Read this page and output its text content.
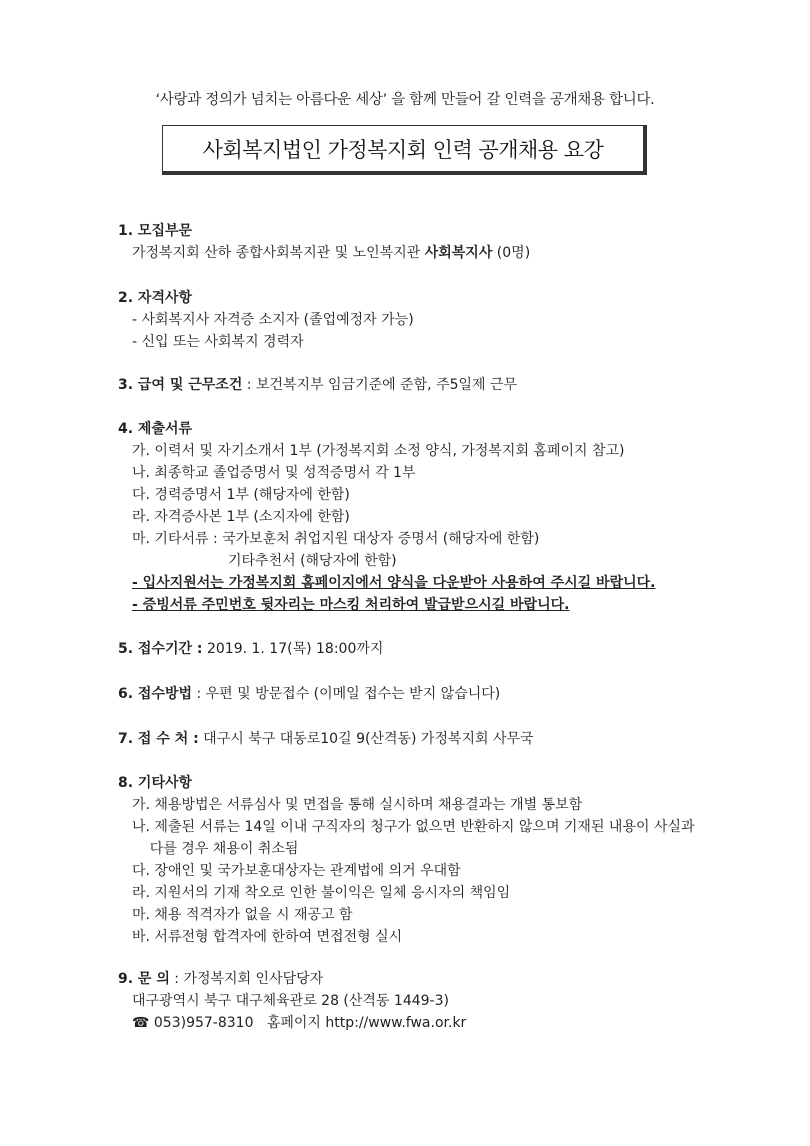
‘사랑과 정의가 넘치는 아름다운 세상’ 을 함께 만들어 갈 인력을 공개채용 합니다.
사회복지법인 가정복지회 인력 공개채용 요강
1. 모집부문
가정복지회 산하 종합사회복지관 및 노인복지관 사회복지사 (0명)
2. 자격사항
- 사회복지사 자격증 소지자 (졸업예정자 가능)
- 신입 또는 사회복지 경력자
3. 급여 및 근무조건 : 보건복지부 임금기준에 준함, 주5일제 근무
4. 제출서류
가. 이력서 및 자기소개서 1부 (가정복지회 소정 양식, 가정복지회 홈페이지 참고)
나. 최종학교 졸업증명서 및 성적증명서 각 1부
다. 경력증명서 1부 (해당자에 한함)
라. 자격증사본 1부 (소지자에 한함)
마. 기타서류 : 국가보훈처 취업지원 대상자 증명서 (해당자에 한함)
기타추천서 (해당자에 한함)
- 입사지원서는 가정복지회 홈페이지에서 양식을 다운받아 사용하여 주시길 바랍니다.
- 증빙서류 주민번호 뒷자리는 마스킹 처리하여 발급받으시길 바랍니다.
5. 접수기간 : 2019. 1. 17(목) 18:00까지
6. 접수방법 : 우편 및 방문접수 (이메일 접수는 받지 않습니다)
7. 접 수 처 : 대구시 북구 대동로10길 9(산격동) 가정복지회 사무국
8. 기타사항
가. 채용방법은 서류심사 및 면접을 통해 실시하며 채용결과는 개별 통보함
나. 제출된 서류는 14일 이내 구직자의 청구가 없으면 반환하지 않으며 기재된 내용이 사실과
다를 경우 채용이 취소됨
다. 장애인 및 국가보훈대상자는 관계법에 의거 우대함
라. 지원서의 기재 착오로 인한 불이익은 일체 응시자의 책임임
마. 채용 적격자가 없을 시 재공고 함
바. 서류전형 합격자에 한하여 면접전형 실시
9. 문 의 : 가정복지회 인사담당자
대구광역시 북구 대구체육관로 28 (산격동 1449-3)
☎ 053)957-8310   홈페이지 http://www.fwa.or.kr
